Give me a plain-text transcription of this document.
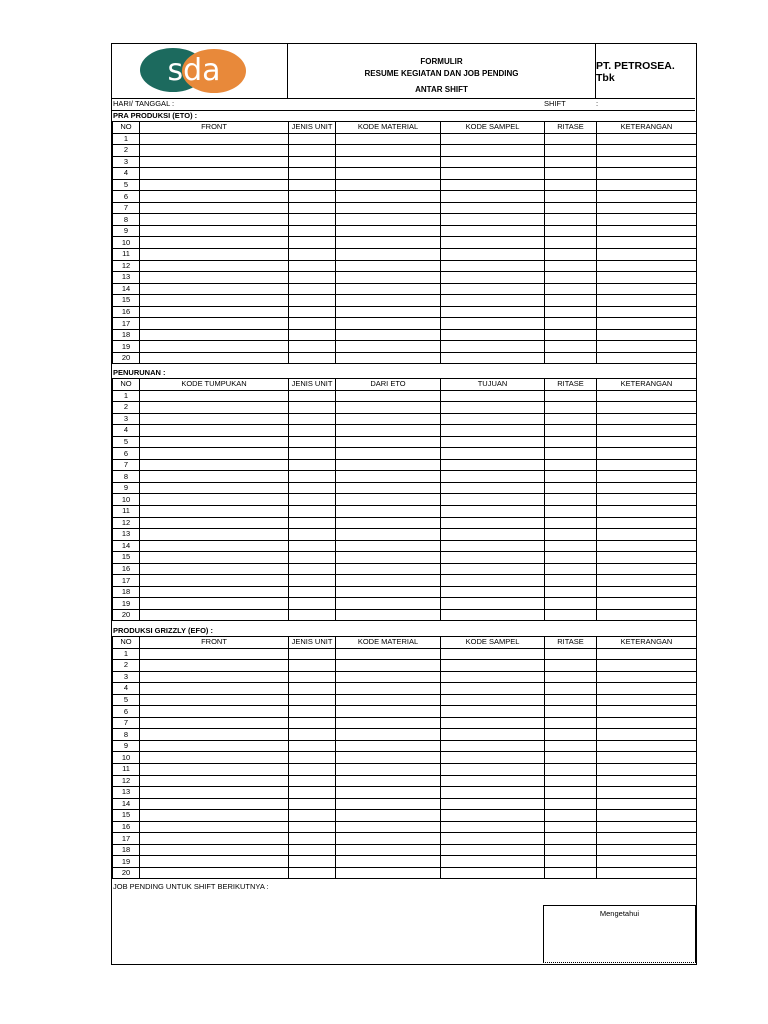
sda	FORMULIR
RESUME KEGIATAN DAN JOB PENDING
ANTAR SHIFT
PT. PETROSEA. Tbk
HARI/ TANGGAL :	SHIFT	:
PRA PRODUKSI (ETO) :
NO	FRONT	JENIS UNIT	KODE MATERIAL	KODE SAMPEL	RITASE	KETERANGAN
1						
2						
3						
4						
5						
6						
7						
8						
9						
10						
11						
12						
13						
14						
15						
16						
17						
18						
19						
20						
PENURUNAN :
NO	KODE TUMPUKAN	JENIS UNIT	DARI ETO	TUJUAN	RITASE	KETERANGAN
1						
2						
3						
4						
5						
6						
7						
8						
9						
10						
11						
12						
13						
14						
15						
16						
17						
18						
19						
20						
PRODUKSI GRIZZLY (EFO) :
NO	FRONT	JENIS UNIT	KODE MATERIAL	KODE SAMPEL	RITASE	KETERANGAN
1						
2						
3						
4						
5						
6						
7						
8						
9						
10						
11						
12						
13						
14						
15						
16						
17						
18						
19						
20						
JOB PENDING UNTUK SHIFT BERIKUTNYA :
Mengetahui
